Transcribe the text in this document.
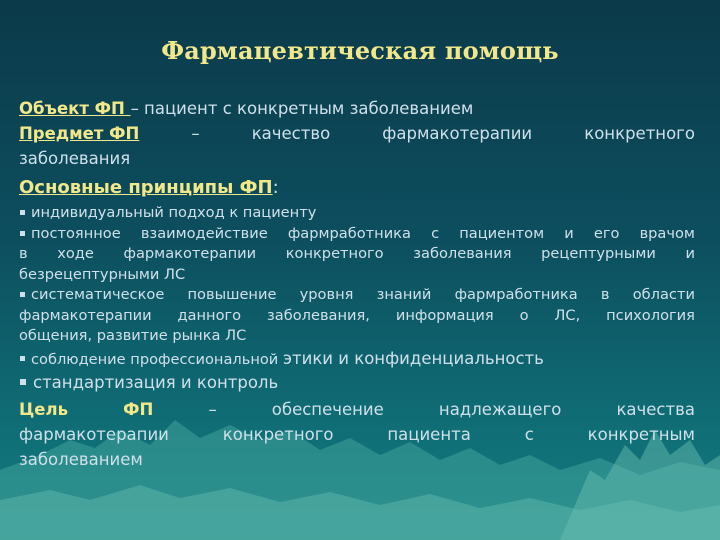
Фармацевтическая помощь
Объект ФП – пациент с конкретным заболеванием
Предмет ФП	–	качество	фармакотерапии	конкретного
заболевания
Основные принципы ФП:
индивидуальный подход к пациенту
постоянное взаимодействие фармработника с пациентом и его врачом
в ходе фармакотерапии конкретного заболевания рецептурными и
безрецептурными ЛС
систематическое повышение уровня знаний фармработника в области
фармакотерапии данного заболевания, информация о ЛС, психология
общения, развитие рынка ЛС
соблюдение профессиональной этики и конфиденциальность
стандартизация и контроль
Цель	ФП	–	обеспечение	надлежащего	качества
фармакотерапии	конкретного	пациента	с	конкретным
заболеванием
